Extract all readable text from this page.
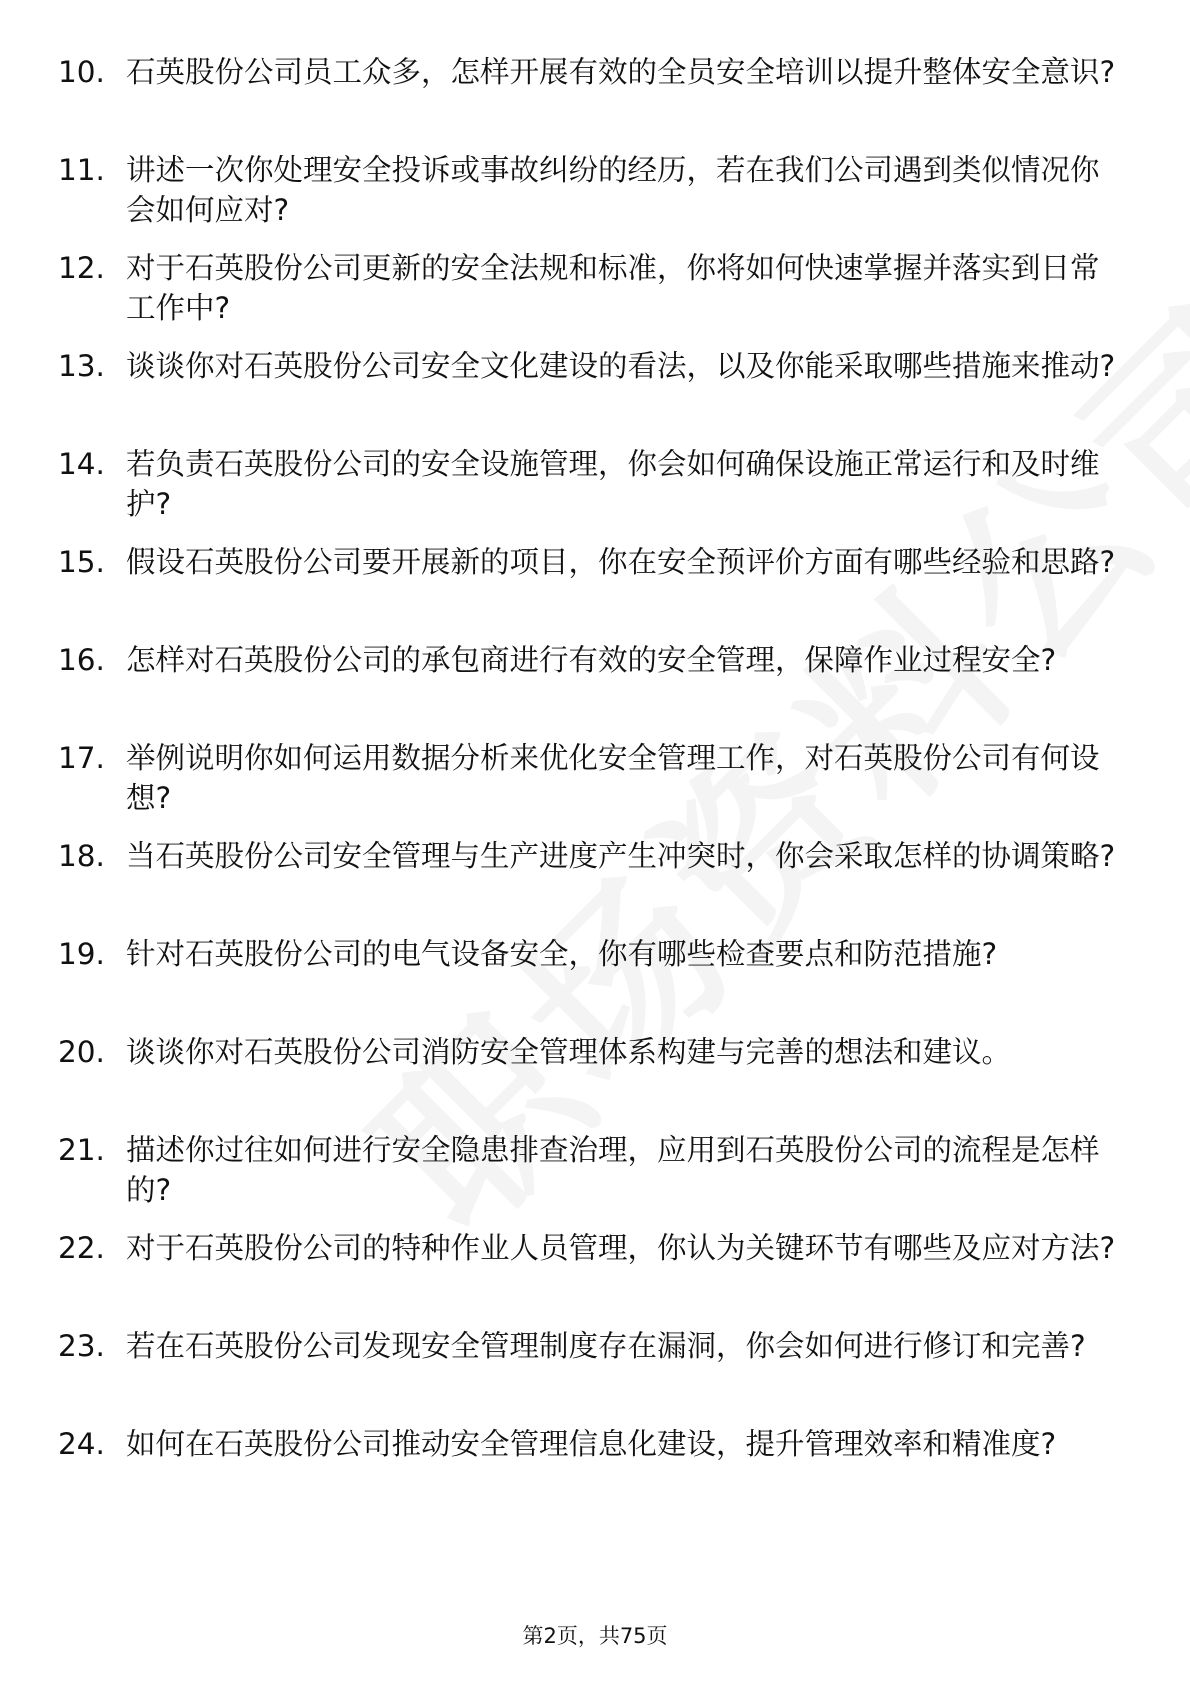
10. 石英股份公司员工众多，怎样开展有效的全员安全培训以提升整体安全意识?
11. 讲述一次你处理安全投诉或事故纠纷的经历，若在我们公司遇到类似情况你会如何应对?
12. 对于石英股份公司更新的安全法规和标准，你将如何快速掌握并落实到日常工作中?
13. 谈谈你对石英股份公司安全文化建设的看法，以及你能采取哪些措施来推动?
14. 若负责石英股份公司的安全设施管理，你会如何确保设施正常运行和及时维护?
15. 假设石英股份公司要开展新的项目，你在安全预评价方面有哪些经验和思路?
16. 怎样对石英股份公司的承包商进行有效的安全管理，保障作业过程安全?
17. 举例说明你如何运用数据分析来优化安全管理工作，对石英股份公司有何设想?
18. 当石英股份公司安全管理与生产进度产生冲突时，你会采取怎样的协调策略?
19. 针对石英股份公司的电气设备安全，你有哪些检查要点和防范措施?
20. 谈谈你对石英股份公司消防安全管理体系构建与完善的想法和建议。
21. 描述你过往如何进行安全隐患排查治理，应用到石英股份公司的流程是怎样的?
22. 对于石英股份公司的特种作业人员管理，你认为关键环节有哪些及应对方法?
23. 若在石英股份公司发现安全管理制度存在漏洞，你会如何进行修订和完善?
24. 如何在石英股份公司推动安全管理信息化建设，提升管理效率和精准度?
第2页，共75页
